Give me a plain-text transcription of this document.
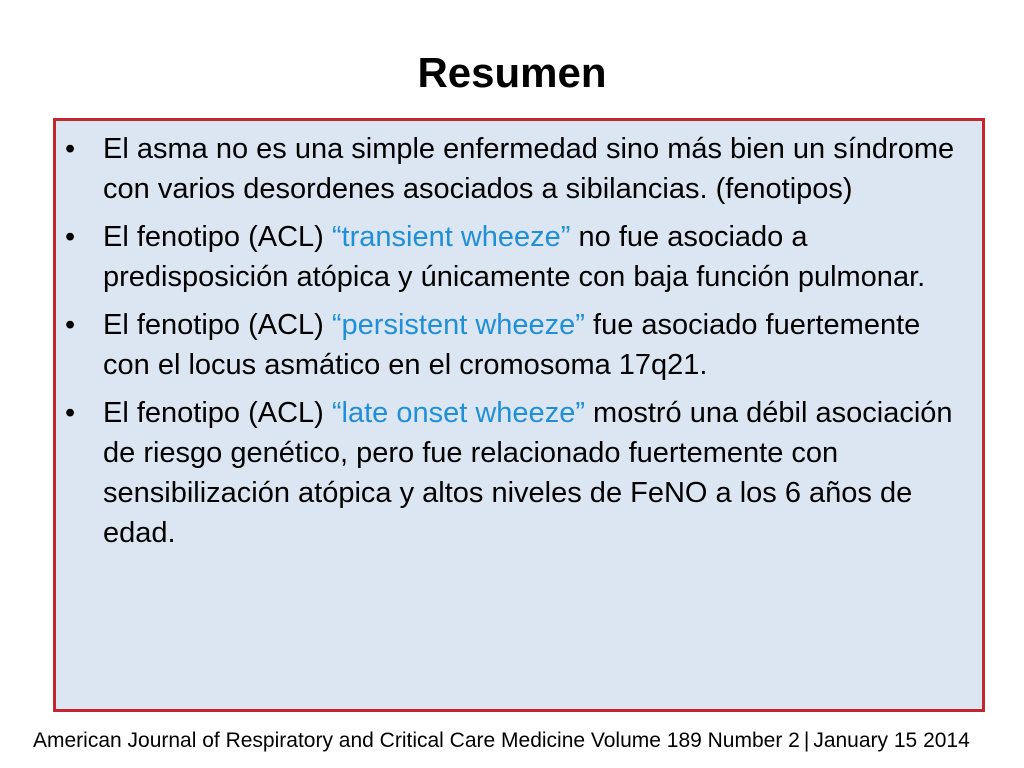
Resumen
• El asma no es una simple enfermedad sino más bien un síndrome con varios desordenes asociados a sibilancias. (fenotipos)
• El fenotipo (ACL) “transient wheeze” no fue asociado a predisposición atópica y únicamente con baja función pulmonar.
• El fenotipo (ACL) “persistent wheeze” fue asociado fuertemente con el locus asmático en el cromosoma 17q21.
• El fenotipo (ACL) “late onset wheeze” mostró una débil asociación de riesgo genético, pero fue relacionado fuertemente con sensibilización atópica y altos niveles de FeNO a los 6 años de edad.
American Journal of Respiratory and Critical Care Medicine Volume 189 Number 2 | January 15 2014
